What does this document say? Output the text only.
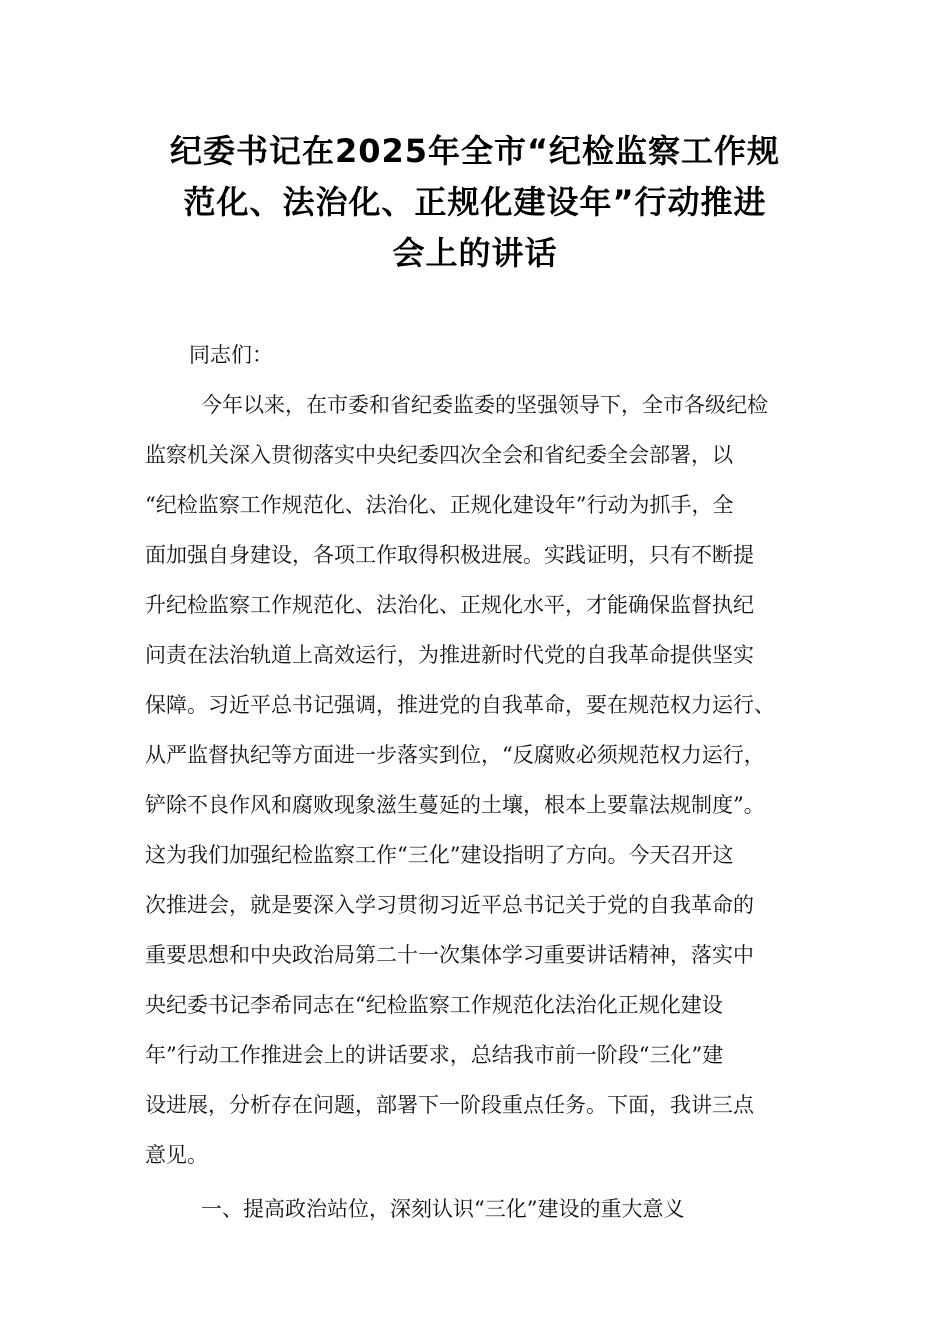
纪委书记在2025年全市“纪检监察工作规
范化、法治化、正规化建设年”行动推进
会上的讲话
同志们：
今年以来，在市委和省纪委监委的坚强领导下，全市各级纪检
监察机关深入贯彻落实中央纪委四次全会和省纪委全会部署，以
“纪检监察工作规范化、法治化、正规化建设年”行动为抓手，全
面加强自身建设，各项工作取得积极进展。实践证明，只有不断提
升纪检监察工作规范化、法治化、正规化水平，才能确保监督执纪
问责在法治轨道上高效运行，为推进新时代党的自我革命提供坚实
保障。习近平总书记强调，推进党的自我革命，要在规范权力运行、
从严监督执纪等方面进一步落实到位，“反腐败必须规范权力运行，
铲除不良作风和腐败现象滋生蔓延的土壤，根本上要靠法规制度”。
这为我们加强纪检监察工作“三化”建设指明了方向。今天召开这
次推进会，就是要深入学习贯彻习近平总书记关于党的自我革命的
重要思想和中央政治局第二十一次集体学习重要讲话精神，落实中
央纪委书记李希同志在“纪检监察工作规范化法治化正规化建设
年”行动工作推进会上的讲话要求，总结我市前一阶段“三化”建
设进展，分析存在问题，部署下一阶段重点任务。下面，我讲三点
意见。
一、提高政治站位，深刻认识“三化”建设的重大意义
